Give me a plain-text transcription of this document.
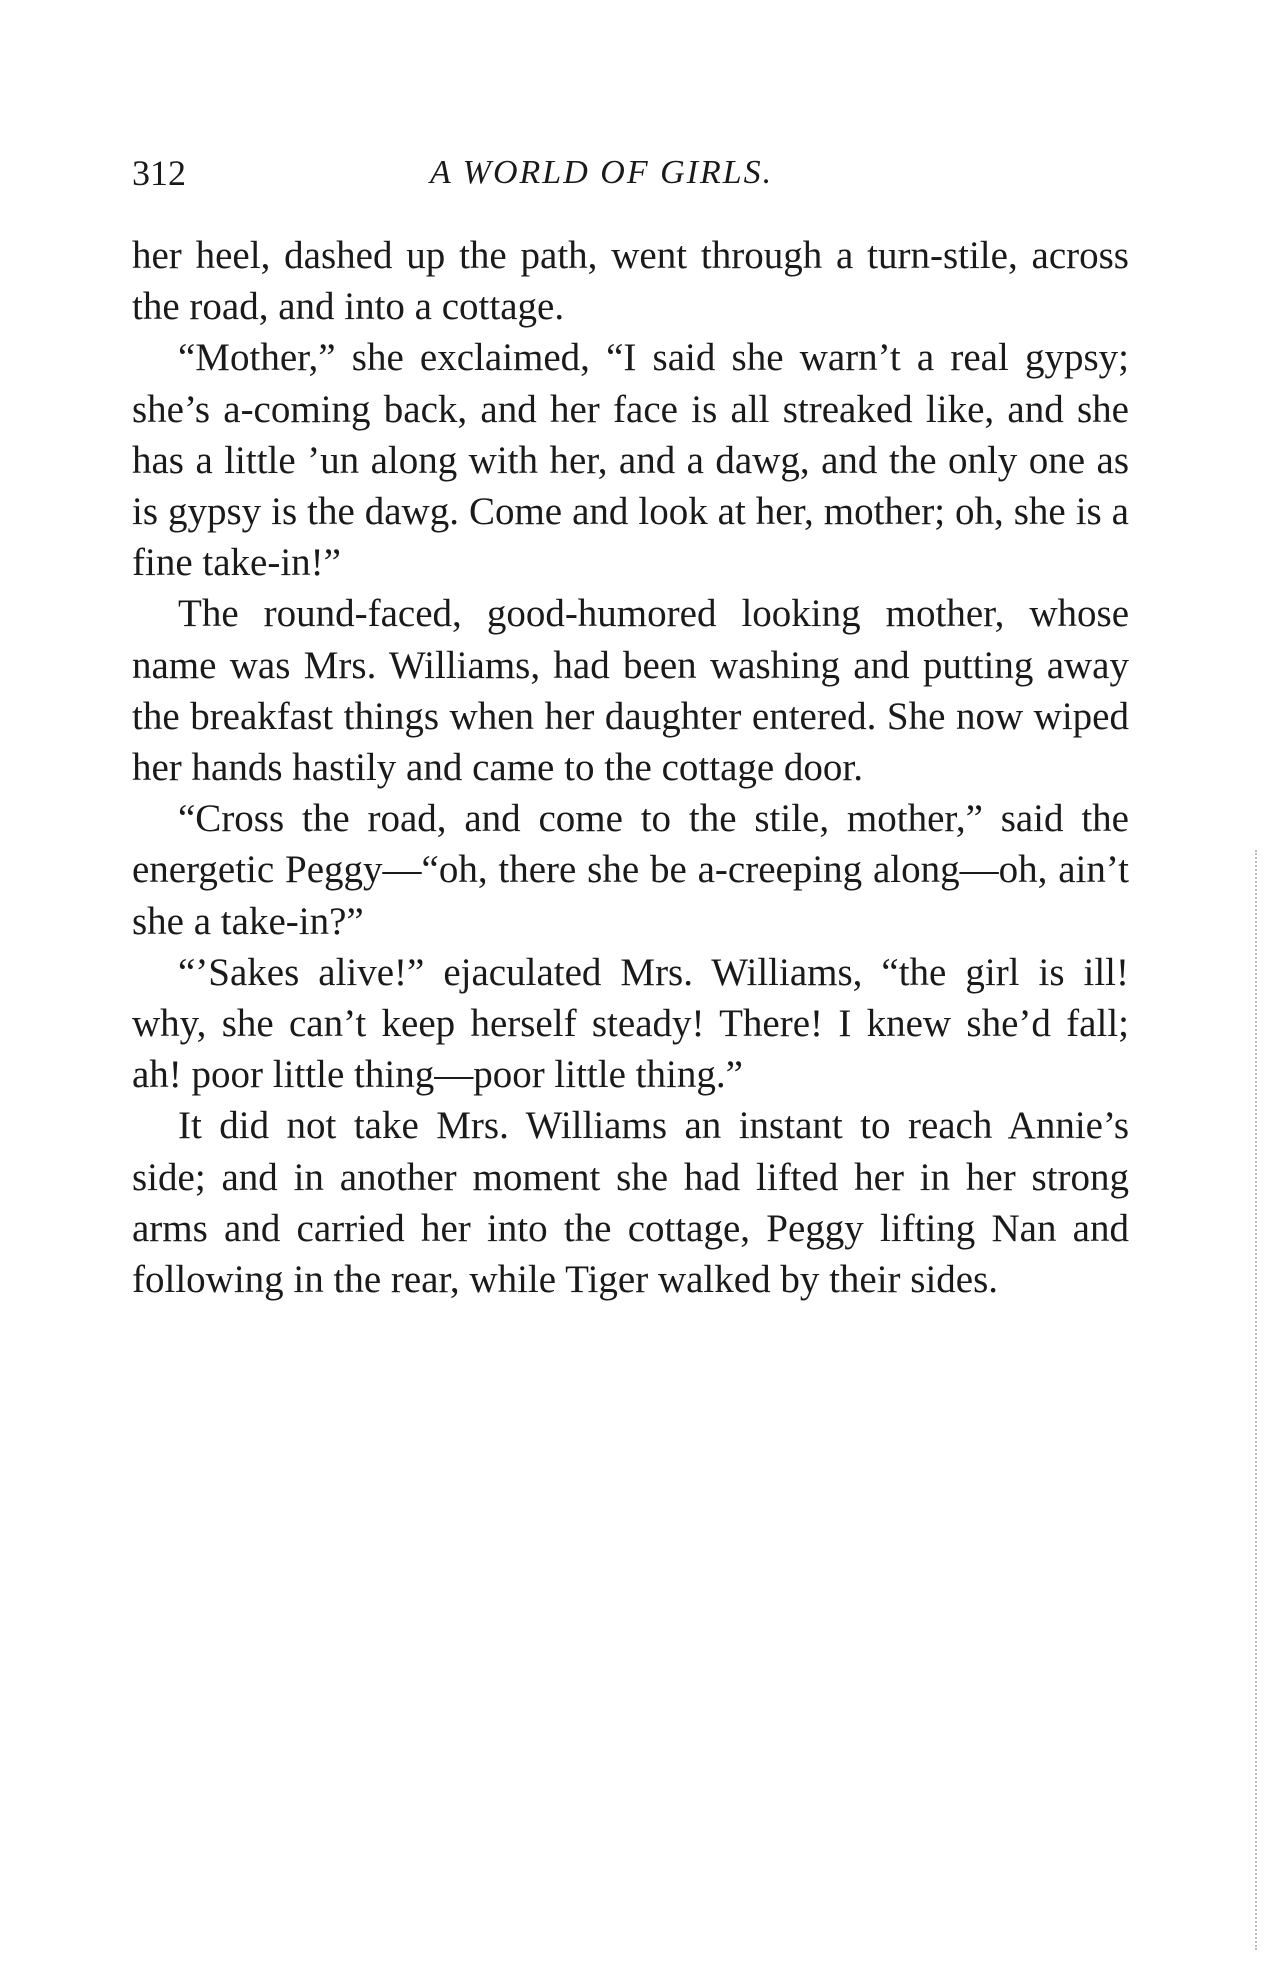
312	A WORLD OF GIRLS.

her heel, dashed up the path, went through a turn-stile, across the road, and into a cottage.

“Mother,” she exclaimed, “I said she warn’t a real gypsy; she’s a-coming back, and her face is all streaked like, and she has a little ’un along with her, and a dawg, and the only one as is gypsy is the dawg. Come and look at her, mother; oh, she is a fine take-in!”

The round-faced, good-humored looking mother, whose name was Mrs. Williams, had been washing and putting away the breakfast things when her daughter entered. She now wiped her hands hastily and came to the cottage door.

“Cross the road, and come to the stile, mother,” said the energetic Peggy—“oh, there she be a-creeping along—oh, ain’t she a take-in?”

“’Sakes alive!” ejaculated Mrs. Williams, “the girl is ill! why, she can’t keep herself steady! There! I knew she’d fall; ah! poor little thing—poor little thing.”

It did not take Mrs. Williams an instant to reach Annie’s side; and in another moment she had lifted her in her strong arms and carried her into the cottage, Peggy lifting Nan and following in the rear, while Tiger walked by their sides.
